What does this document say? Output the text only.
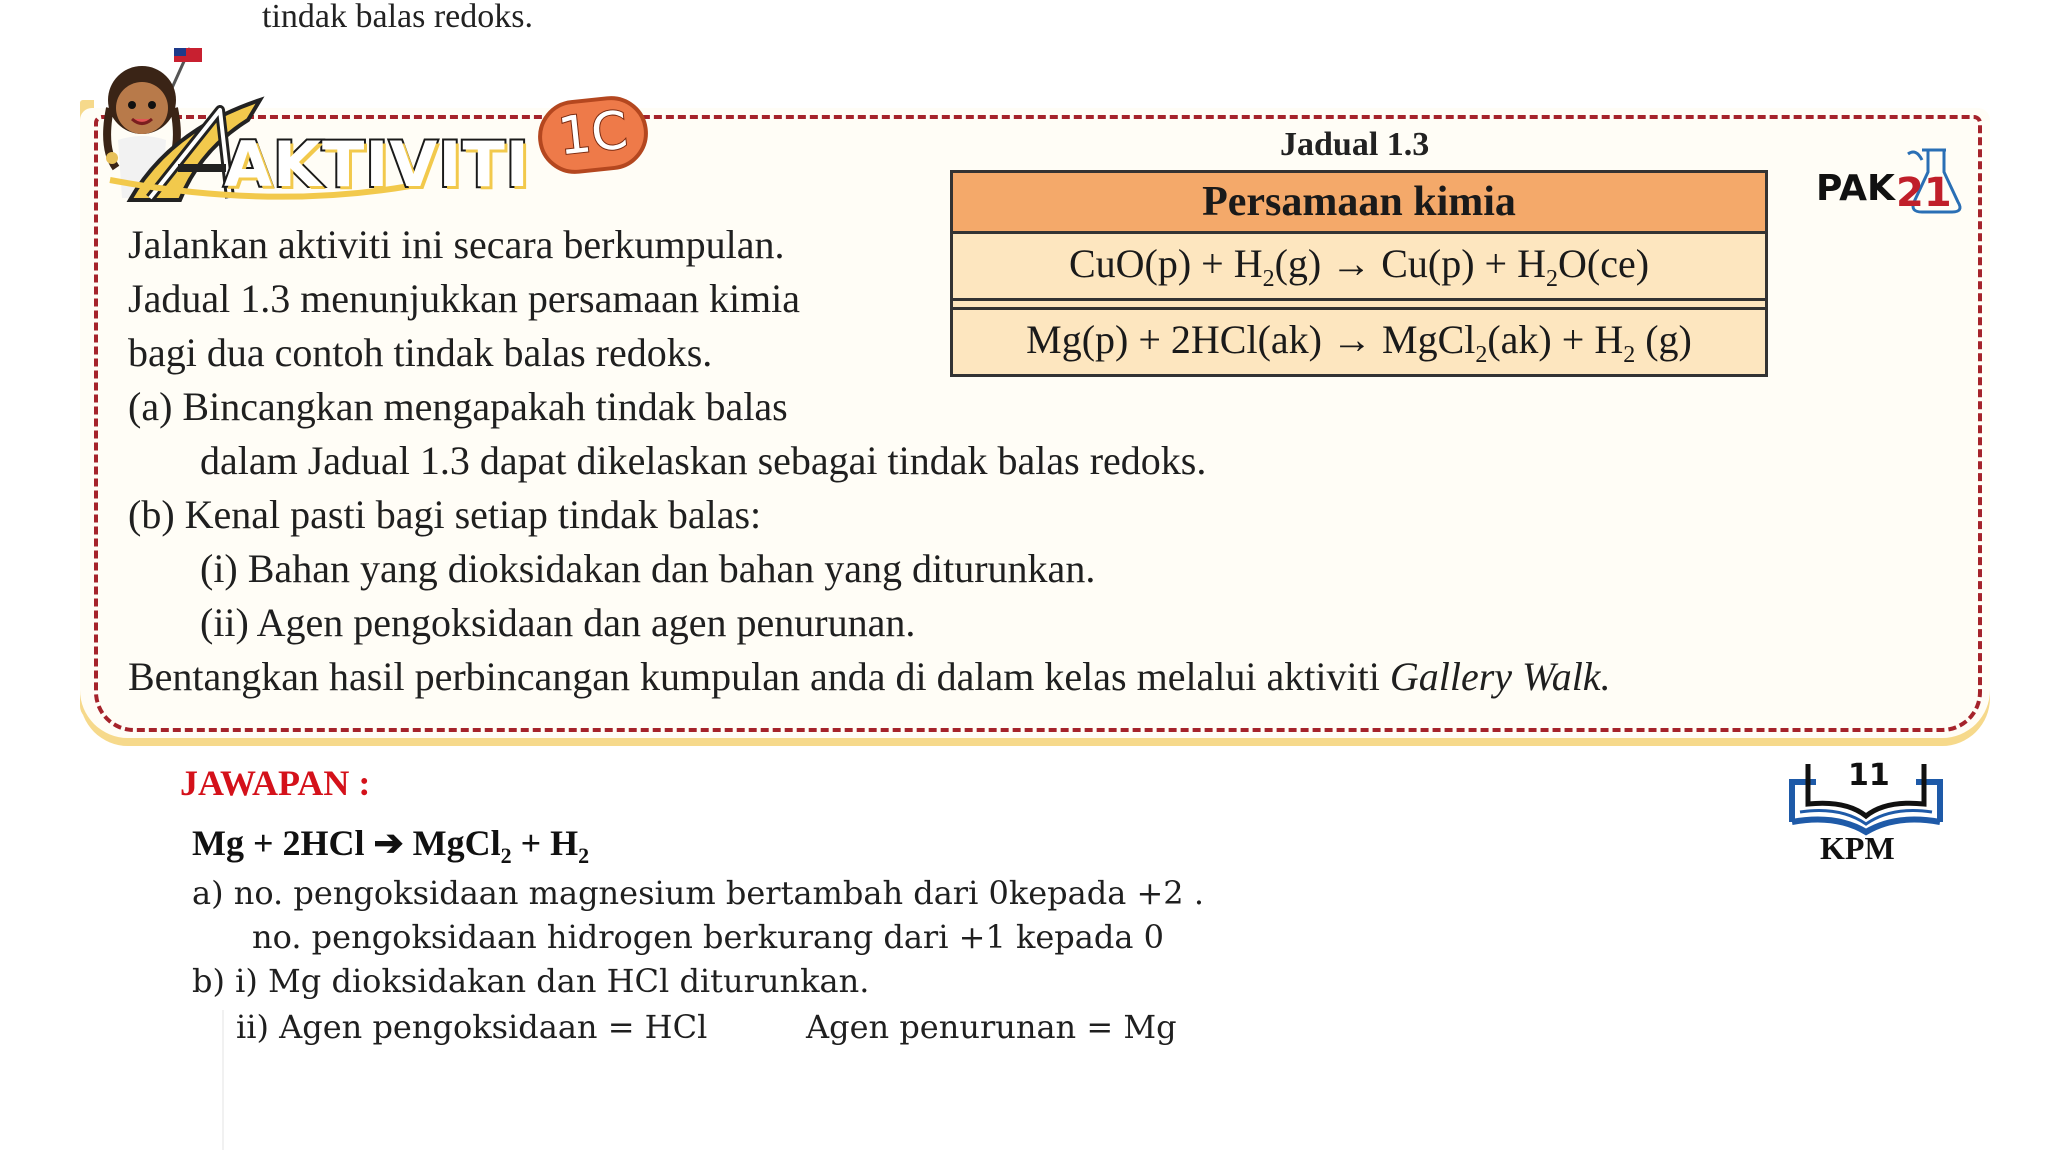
tindak balas redoks.
AKTIVITI 1C	Jadual 1.3
Persamaan kimia
$CuO(p) + H_2(g) \to Cu(p) + H_2O(ce)$

Mg(p) + 2HCl(ak) → MgCl$_2$(ak) + $H_2$ (g)
PAK 21
Jalankan aktiviti ini secara berkumpulan.
Jadual 1.3 menunjukkan persamaan kimia
bagi dua contoh tindak balas redoks.
(a) Bincangkan mengapakah tindak balas
dalam Jadual 1.3 dapat dikelaskan sebagai tindak balas redoks.
(b) Kenal pasti bagi setiap tindak balas:
(i) Bahan yang dioksidakan dan bahan yang diturunkan.
(ii) Agen pengoksidaan dan agen penurunan.
Bentangkan hasil perbincangan kumpulan anda di dalam kelas melalui aktiviti Gallery Walk.
JAWAPAN :
Mg + 2HCl ➔ MgCl$_2$ + $H_2$
a) no. pengoksidaan magnesium bertambah dari 0kepada +2 .
no. pengoksidaan hidrogen berkurang dari +1 kepada 0
b) i) Mg dioksidakan dan HCl diturunkan.
ii) Agen pengoksidaan = HCl	Agen penurunan = Mg
11
KPM
